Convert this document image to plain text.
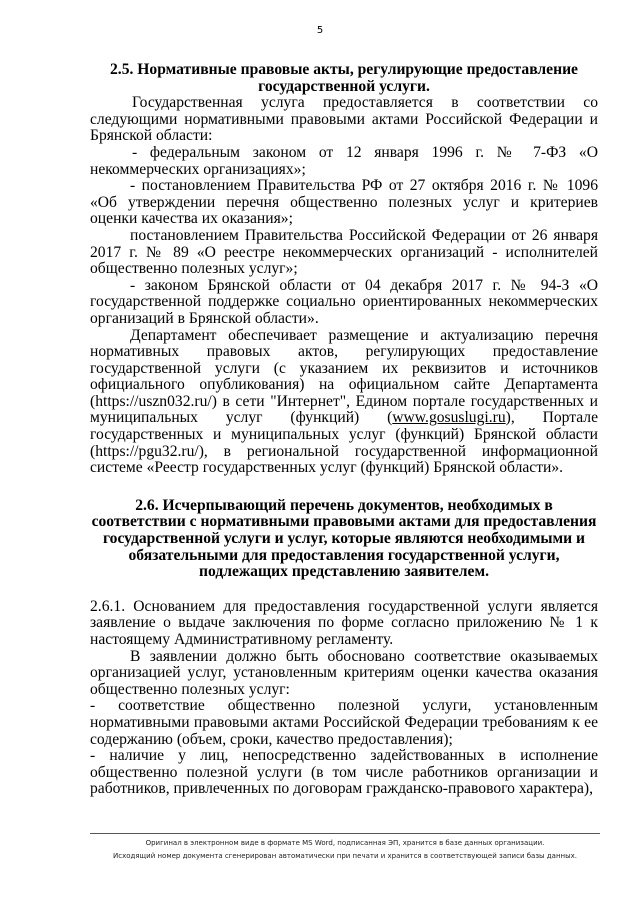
5
2.5. Нормативные правовые акты, регулирующие предоставление государственной услуги.

Государственная услуга предоставляется в соответствии со следующими нормативными правовыми актами Российской Федерации и Брянской области:

- федеральным законом от 12 января 1996 г. № 7-ФЗ «О некоммерческих организациях»;

- постановлением Правительства РФ от 27 октября 2016 г. № 1096 «Об утверждении перечня общественно полезных услуг и критериев оценки качества их оказания»;

постановлением Правительства Российской Федерации от 26 января 2017 г. № 89 «О реестре некоммерческих организаций - исполнителей общественно полезных услуг»;

- законом Брянской области от 04 декабря 2017 г. № 94-З «О государственной поддержке социально ориентированных некоммерческих организаций в Брянской области».

Департамент обеспечивает размещение и актуализацию перечня нормативных правовых актов, регулирующих предоставление государственной услуги (с указанием их реквизитов и источников официального опубликования) на официальном сайте Департамента (https://uszn032.ru/) в сети "Интернет", Едином портале государственных и муниципальных услуг (функций) (www.gosuslugi.ru), Портале государственных и муниципальных услуг (функций) Брянской области (https://pgu32.ru/), в региональной государственной информационной системе «Реестр государственных услуг (функций) Брянской области».

2.6. Исчерпывающий перечень документов, необходимых в соответствии с нормативными правовыми актами для предоставления государственной услуги и услуг, которые являются необходимыми и обязательными для предоставления государственной услуги, подлежащих представлению заявителем.

2.6.1. Основанием для предоставления государственной услуги является заявление о выдаче заключения по форме согласно приложению № 1 к настоящему Административному регламенту.

В заявлении должно быть обосновано соответствие оказываемых организацией услуг, установленным критериям оценки качества оказания общественно полезных услуг:

- соответствие общественно полезной услуги, установленным нормативными правовыми актами Российской Федерации требованиям к ее содержанию (объем, сроки, качество предоставления);

- наличие у лиц, непосредственно задействованных в исполнение общественно полезной услуги (в том числе работников организации и работников, привлеченных по договорам гражданско-правового характера),

Оригинал в электронном виде в формате MS Word, подписанная ЭП, хранится в базе данных организации.
Исходящий номер документа сгенерирован автоматически при печати и хранится в соответствующей записи базы данных.
